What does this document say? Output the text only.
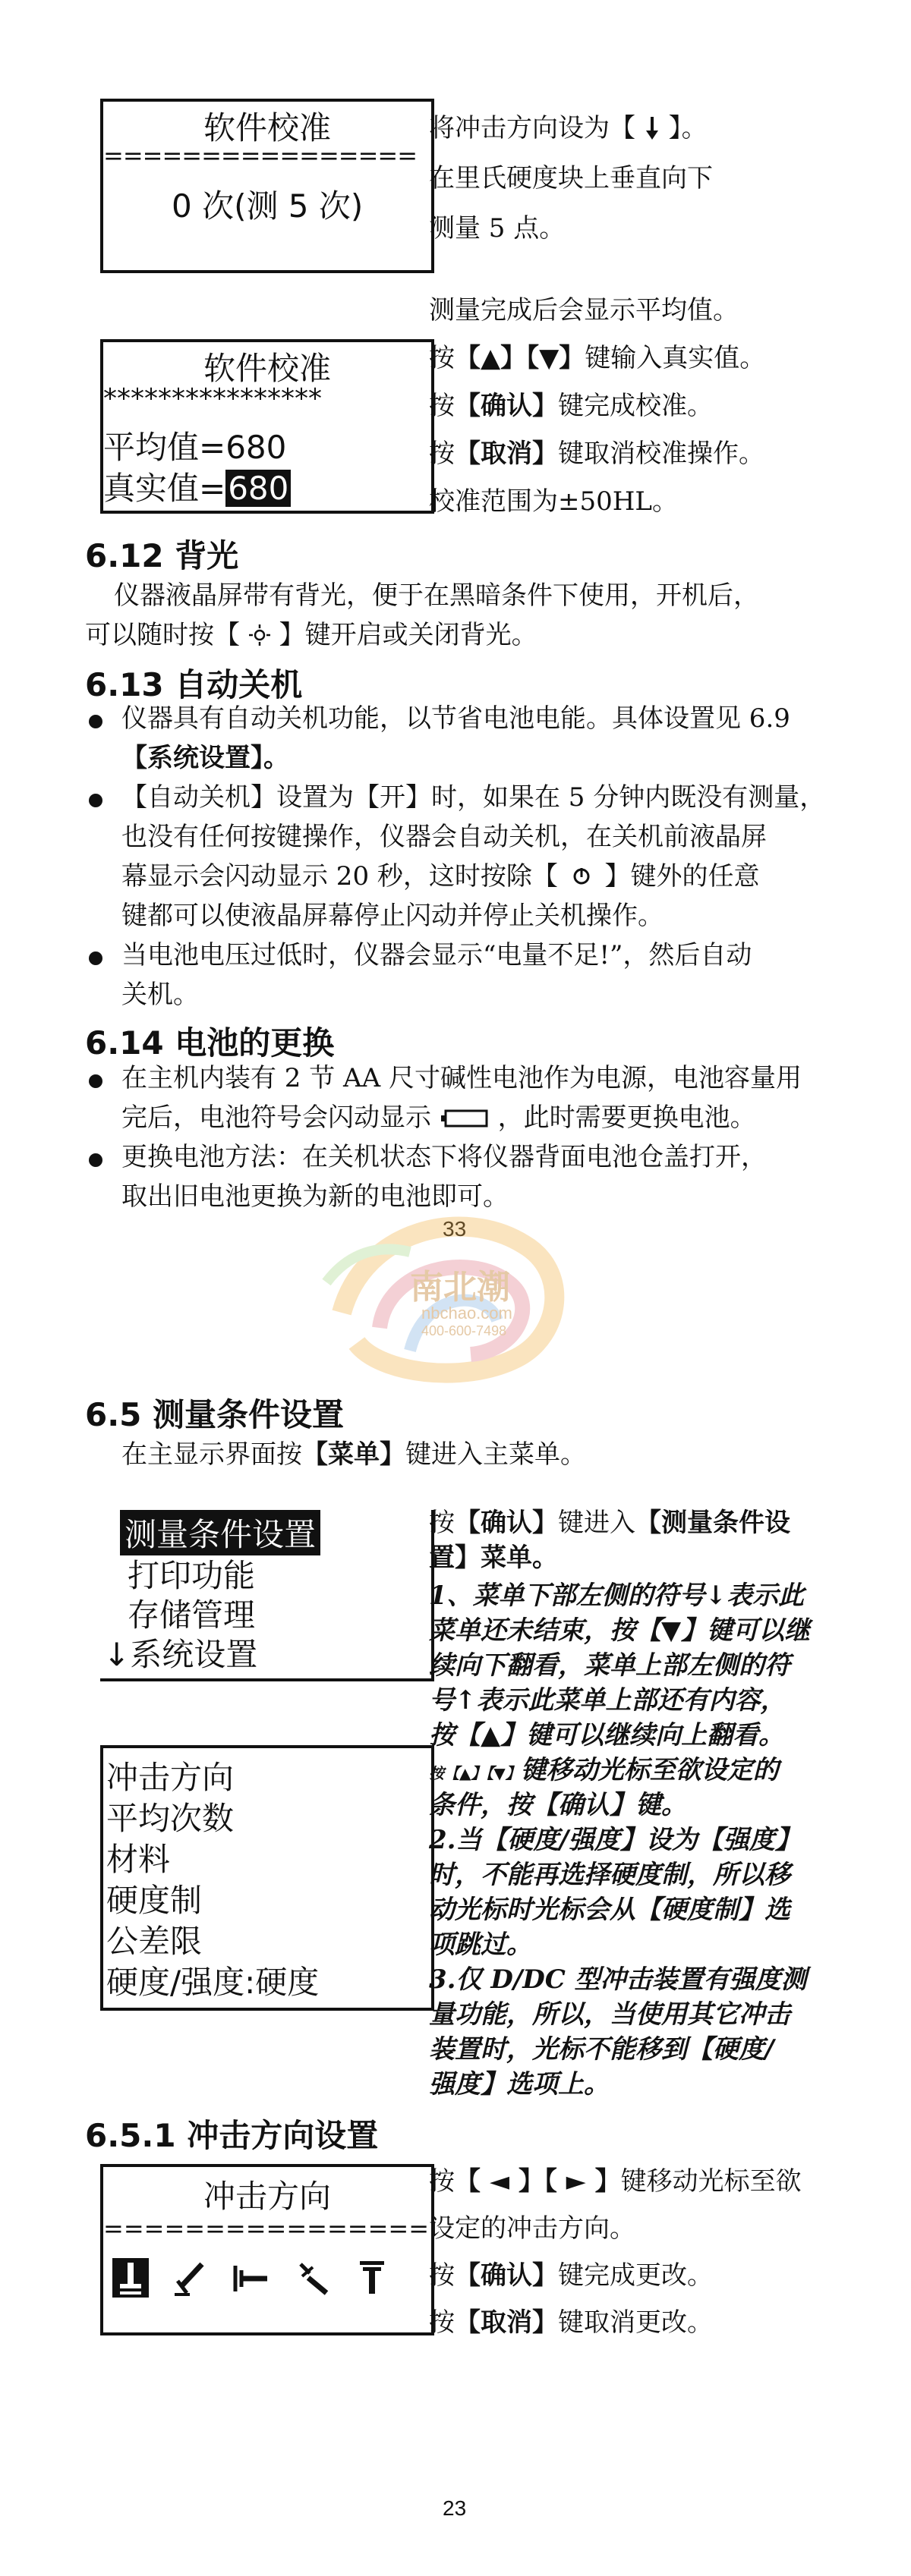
软件校准
================
0 次(测 5 次)
将冲击方向设为【  】。
在里氏硬度块上垂直向下
测量 5 点。
软件校准
****************
平均值=680
真实值=680
测量完成后会显示平均值。
按【▲】【▼】键输入真实值。
按【确认】键完成校准。
按【取消】键取消校准操作。
校准范围为±50HL。
6.12 背光
仪器液晶屏带有背光，便于在黑暗条件下使用，开机后，
可以随时按【  】键开启或关闭背光。
6.13 自动关机
仪器具有自动关机功能，以节省电池电能。具体设置见 6.9
【系统设置】。
【自动关机】设置为【开】时，如果在 5 分钟内既没有测量，
也没有任何按键操作，仪器会自动关机，在关机前液晶屏
幕显示会闪动显示 20 秒，这时按除【  】键外的任意
键都可以使液晶屏幕停止闪动并停止关机操作。
当电池电压过低时，仪器会显示“电量不足!”，然后自动
关机。
6.14 电池的更换
在主机内装有 2 节 AA 尺寸碱性电池作为电源，电池容量用
完后，电池符号会闪动显示  ，此时需要更换电池。
更换电池方法：在关机状态下将仪器背面电池仓盖打开，
取出旧电池更换为新的电池即可。
33
南北潮
nbchao.com
400-600-7498
6.5 测量条件设置
在主显示界面按【菜单】键进入主菜单。
测量条件设置
打印功能
存储管理
↓系统设置
冲击方向
平均次数
材料
硬度制
公差限
硬度/强度:硬度
按【确认】键进入【测量条件设
置】菜单。
1、菜单下部左侧的符号↓表示此
菜单还未结束，按【▼】键可以继
续向下翻看，菜单上部左侧的符
号↑表示此菜单上部还有内容，
按【▲】键可以继续向上翻看。
按【▲】【▼】键移动光标至欲设定的
条件，按【确认】键。
2.当【硬度/强度】设为【强度】
时，不能再选择硬度制，所以移
动光标时光标会从【硬度制】选
项跳过。
3.仅 D/DC 型冲击装置有强度测
量功能，所以，当使用其它冲击
装置时，光标不能移到【硬度/
强度】选项上。
6.5.1 冲击方向设置
冲击方向
================
按【 ◄ 】【 ► 】键移动光标至欲
设定的冲击方向。
按【确认】键完成更改。
按【取消】键取消更改。
23
